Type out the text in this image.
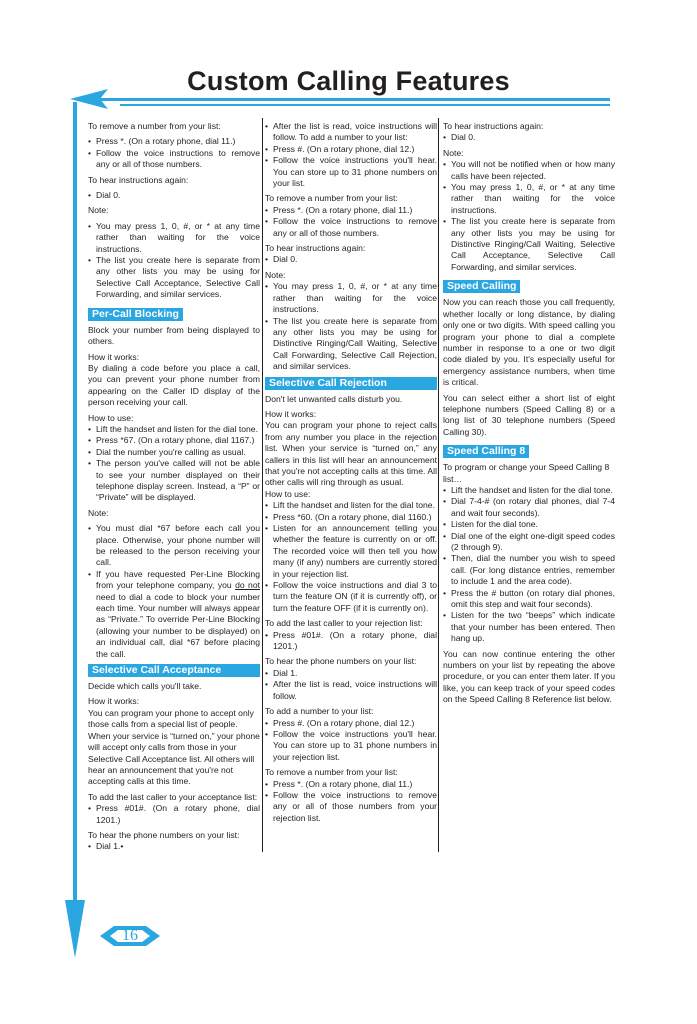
Custom Calling Features

To remove a number from your list:

• Press *. (On a rotary phone, dial 11.)
• Follow the voice instructions to remove any or all of those numbers.

To hear instructions again:

• Dial 0.

Note:

• You may press 1, 0, #, or * at any time rather than waiting for the voice instructions.
• The list you create here is separate from any other lists you may be using for Selective Call Acceptance, Selective Call Forwarding, and similar services.
Per-Call Blocking

Block your number from being displayed to others.

How it works:

By dialing a code before you place a call, you can prevent your phone number from appearing on the Caller ID display of the person receiving your call.

How to use:

• Lift the handset and listen for the dial tone.
• Press *67. (On a rotary phone, dial 1167.)
• Dial the number you're calling as usual.
• The person you've called will not be able to see your number displayed on their telephone display screen. Instead, a “P” or “Private” will be displayed.

Note:

• You must dial *67 before each call you place. Otherwise, your phone number will be released to the person receiving your call.
• If you have requested Per-Line Blocking from your telephone company, you do not need to dial a code to block your number each time. Your number will always appear as “Private.” To override Per-Line Blocking (allowing your number to be displayed) on an individual call, dial *67 before placing the call.
Selective Call Acceptance

Decide which calls you'll take.

How it works:

You can program your phone to accept only those calls from a special list of people. When your service is “turned on,” your phone will accept only calls from those in your Selective Call Acceptance list. All others will hear an announcement that you're not accepting calls at this time.

To add the last caller to your acceptance list:

• Press #01#. (On a rotary phone, dial 1201.)

To hear the phone numbers on your list:

• Dial 1.•
• After the list is read, voice instructions will follow. To add a number to your list:
• Press #. (On a rotary phone, dial 12.)
• Follow the voice instructions you'll hear. You can store up to 31 phone numbers on your list.

To remove a number from your list:

• Press *. (On a rotary phone, dial 11.)
• Follow the voice instructions to remove any or all of those numbers.

To hear instructions again:

• Dial 0.

Note:

• You may press 1, 0, #, or * at any time rather than waiting for the voice instructions.
• The list you create here is separate from any other lists you may be using for Distinctive Ringing/Call Waiting, Selective Call Forwarding, Selective Call Rejection, and similar services.
Selective Call Rejection

Don't let unwanted calls disturb you.

How it works:

You can program your phone to reject calls from any number you place in the rejection list. When your service is “turned on,” any callers in this list will hear an announcement that you're not accepting calls at this time. All other calls will ring through as usual.

How to use:

• Lift the handset and listen for the dial tone.
• Press *60. (On a rotary phone, dial 1160.)
• Listen for an announcement telling you whether the feature is currently on or off. The recorded voice will then tell you how many (if any) numbers are currently stored in your rejection list.
• Follow the voice instructions and dial 3 to turn the feature ON (if it is currently off), or turn the feature OFF (if it is currently on).

To add the last caller to your rejection list:

• Press #01#. (On a rotary phone, dial 1201.)

To hear the phone numbers on your list:

• Dial 1.
• After the list is read, voice instructions will follow.

To add a number to your list:

• Press #. (On a rotary phone, dial 12.)
• Follow the voice instructions you'll hear. You can store up to 31 phone numbers in your rejection list.

To remove a number from your list:

• Press *. (On a rotary phone, dial 11.)
• Follow the voice instructions to remove any or all of those numbers from your rejection list.

To hear instructions again:

• Dial 0.

Note:

• You will not be notified when or how many calls have been rejected.
• You may press 1, 0, #, or * at any time rather than waiting for the voice instructions.
• The list you create here is separate from any other lists you may be using for Distinctive Ringing/Call Waiting, Selective Call Acceptance, Selective Call Forwarding, and similar services.
Speed Calling

Now you can reach those you call frequently, whether locally or long distance, by dialing only one or two digits. With speed calling you program your phone to dial a complete number in response to a one or two digit code dialed by you. It's especially useful for emergency assistance numbers, when time is critical.

You can select either a short list of eight telephone numbers (Speed Calling 8) or a long list of 30 telephone numbers (Speed Calling 30).

Speed Calling 8

To program or change your Speed Calling 8 list…

• Lift the handset and listen for the dial tone.
• Dial 7-4-# (on rotary dial phones, dial 7-4 and wait four seconds).
• Listen for the dial tone.
• Dial one of the eight one-digit speed codes (2 through 9).
• Then, dial the number you wish to speed call. (For long distance entries, remember to include 1 and the area code).
• Press the # button (on rotary dial phones, omit this step and wait four seconds).
• Listen for the two “beeps” which indicate that your number has been entered. Then hang up.

You can now continue entering the other numbers on your list by repeating the above procedure, or you can enter them later. If you like, you can keep track of your speed codes on the Speed Calling 8 Reference list below.

16
